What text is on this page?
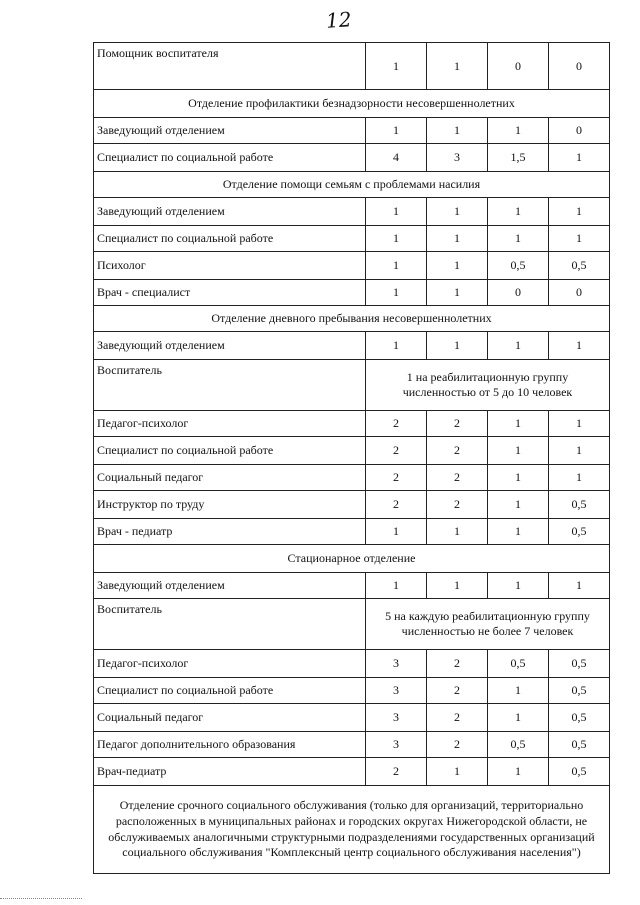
12
Помощник воспитателя	1	1	0	0
Отделение профилактики безнадзорности несовершеннолетних				
Заведующий отделением	1	1	1	0
Специалист по социальной работе	4	3	1,5	1
Отделение помощи семьям с проблемами насилия				
Заведующий отделением	1	1	1	1
Специалист по социальной работе	1	1	1	1
Психолог	1	1	0,5	0,5
Врач - специалист	1	1	0	0
Отделение дневного пребывания несовершеннолетних				
Заведующий отделением	1	1	1	1
Воспитатель	1 на реабилитационную группу численностью от 5 до 10 человек			
Педагог-психолог	2	2	1	1
Специалист по социальной работе	2	2	1	1
Социальный педагог	2	2	1	1
Инструктор по труду	2	2	1	0,5
Врач - педиатр	1	1	1	0,5
Стационарное отделение				
Заведующий отделением	1	1	1	1
Воспитатель	5 на каждую реабилитационную группу численностью не более 7 человек			
Педагог-психолог	3	2	0,5	0,5
Специалист по социальной работе	3	2	1	0,5
Социальный педагог	3	2	1	0,5
Педагог дополнительного образования	3	2	0,5	0,5
Врач-педиатр	2	1	1	0,5
Отделение срочного социального обслуживания (только для организаций, территориально расположенных в муниципальных районах и городских округах Нижегородской области, не обслуживаемых аналогичными структурными подразделениями государственных организаций социального обслуживания "Комплексный центр социального обслуживания населения")				
